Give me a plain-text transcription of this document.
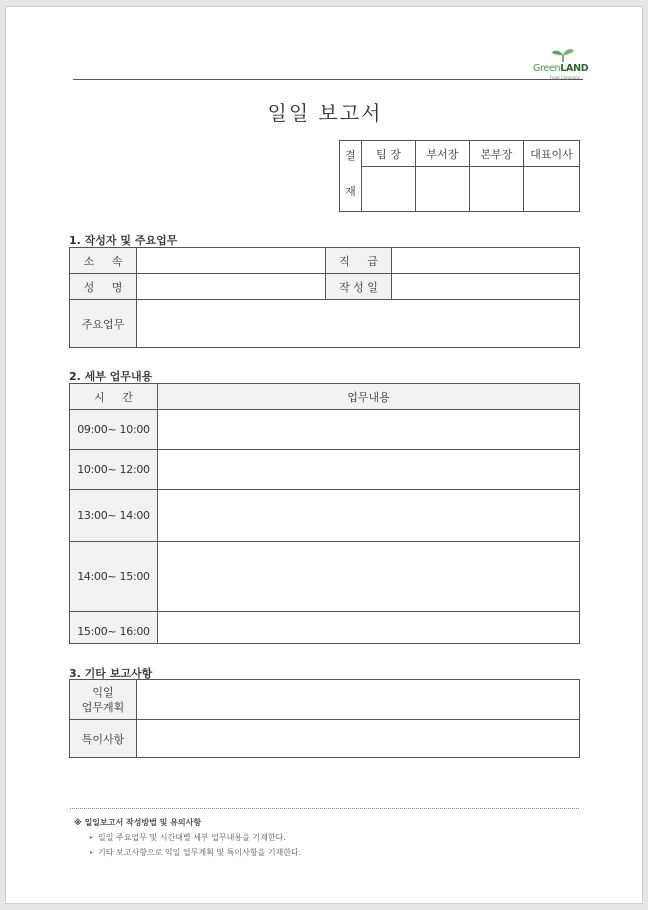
GreenLAND
Food Company
일일 보고서
결
재	팀 장	부서장	본부장	대표이사

1. 작성자 및 주요업무
소 속		직 급	
성 명		작 성 일	
주요업무			
2. 세부 업무내용
시 간	업무내용
09:00~ 10:00	
10:00~ 12:00	
13:00~ 14:00	
14:00~ 15:00	
15:00~ 16:00	
3. 기타 보고사항
익일
업무계획	

특이사항	
※ 일일보고서 작성방법 및 유의사항
▸ 일일 주요업무 및 시간대별 세부 업무내용을 기재한다.
▸ 기타 보고사항으로 익일 업무계획 및 특이사항을 기재한다.
